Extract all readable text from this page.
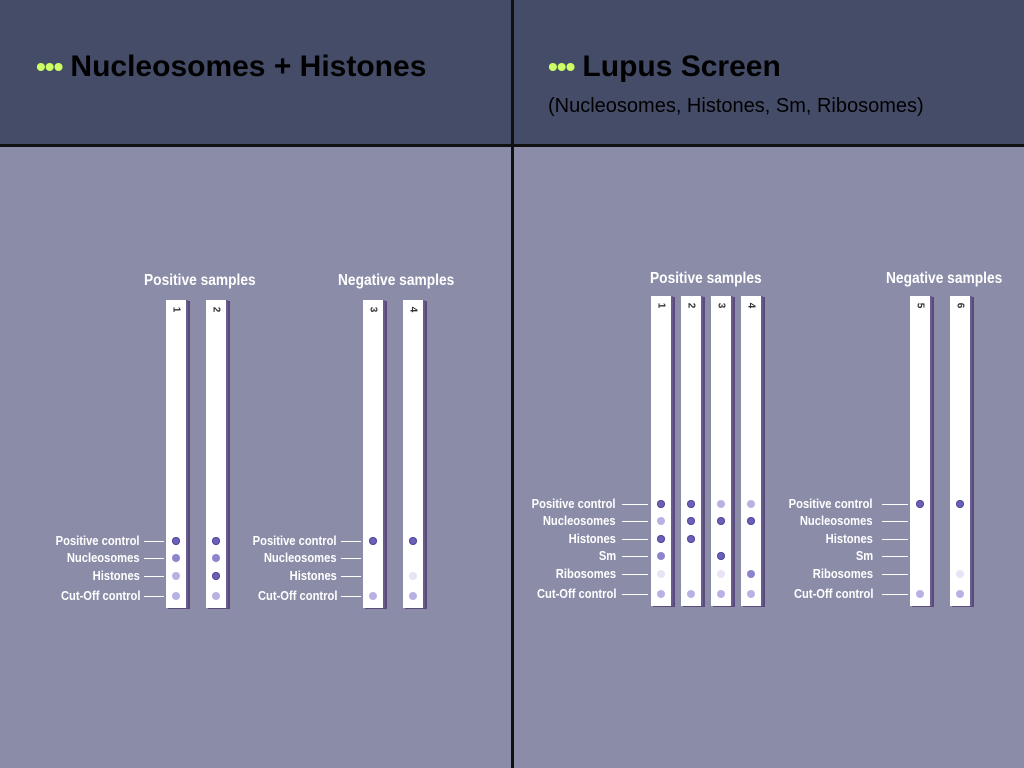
••• Nucleosomes + Histones	••• Lupus Screen
(Nucleosomes, Histones, Sm, Ribosomes)
Positive samples	Negative samples
1	2	3	4
Positive control
Nucleosomes
Histones
Cut-Off control
Positive control
Nucleosomes
Histones
Cut-Off control
Positive samples	Negative samples
1 2 3 4	5	6
Positive control
Nucleosomes
Histones
Sm
Ribosomes
Cut-Off control
Positive control
Nucleosomes
Histones
Sm
Ribosomes
Cut-Off control
